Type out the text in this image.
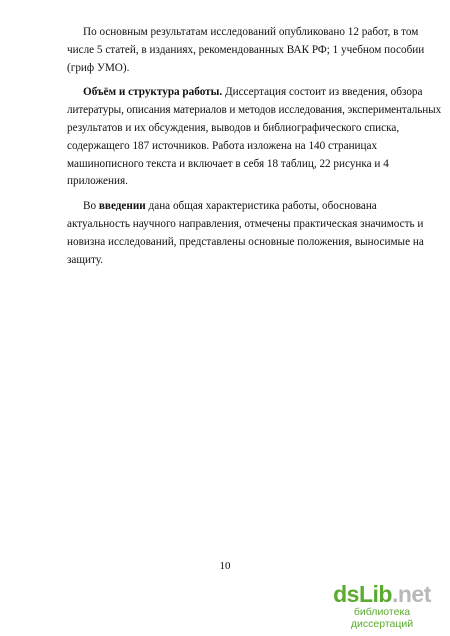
По основным результатам исследований опубликовано 12 работ, в том
числе 5 статей, в изданиях, рекомендованных ВАК РФ; 1 учебном пособии
(гриф УМО).

Объём и структура работы. Диссертация состоит из введения, обзора
литературы, описания материалов и методов исследования, экспериментальных
результатов и их обсуждения, выводов и библиографического списка,
содержащего 187 источников. Работа изложена на 140 страницах
машинописного текста и включает в себя 18 таблиц, 22 рисунка и 4
приложения.

Во введении дана общая характеристика работы, обоснована
актуальность научного направления, отмечены практическая значимость и
новизна исследований, представлены основные положения, выносимые на
защиту.

10
dsLib.net
библиотека диссертаций
